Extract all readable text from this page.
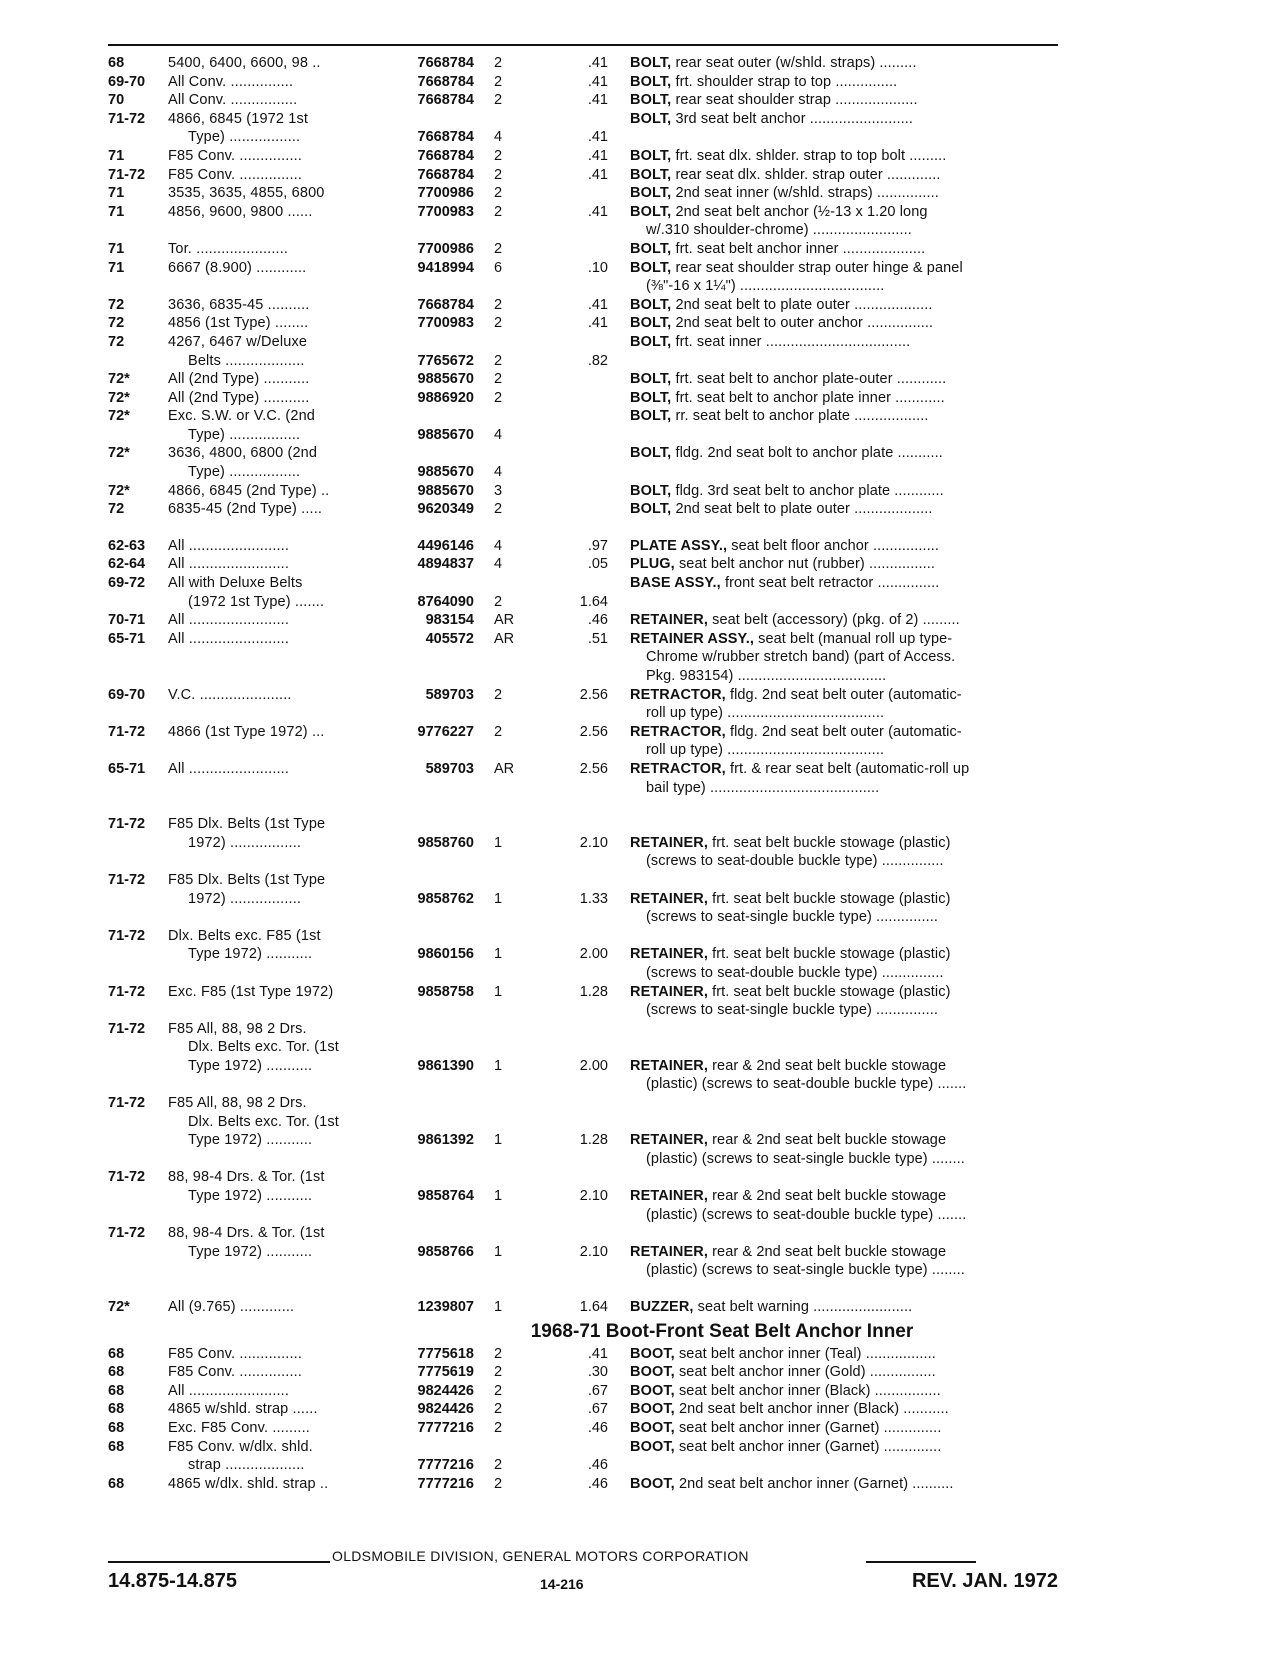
68	5400, 6400, 6600, 98 ..	7668784 2	.41 BOLT, rear seat outer (w/shld. straps) .........
69-70	All Conv. ...............	7668784 2	.41 BOLT, frt. shoulder strap to top ...............
70	All Conv. ................	7668784 2	.41 BOLT, rear seat shoulder strap ....................
71-72	4866, 6845 (1972 1st	BOLT, 3rd seat belt anchor .........................
Type) .................	7668784 4	.41
71	F85 Conv. ...............	7668784 2	.41 BOLT, frt. seat dlx. shlder. strap to top bolt .........
71-72	F85 Conv. ...............	7668784 2	.41 BOLT, rear seat dlx. shlder. strap outer .............
71	3535, 3635, 4855, 6800	7700986 2	BOLT, 2nd seat inner (w/shld. straps) ...............
71	4856, 9600, 9800 ......	7700983 2	.41 BOLT, 2nd seat belt anchor (½-13 x 1.20 long
w/.310 shoulder-chrome) ........................
71	Tor. ......................	7700986 2	BOLT, frt. seat belt anchor inner ....................
71	6667 (8.900) ............	9418994 6	.10 BOLT, rear seat shoulder strap outer hinge & panel
(⅜"-16 x 1¼") ...................................
72	3636, 6835-45 ..........	7668784 2	.41 BOLT, 2nd seat belt to plate outer ...................
72	4856 (1st Type) ........	7700983 2	.41 BOLT, 2nd seat belt to outer anchor ................
72	4267, 6467 w/Deluxe	BOLT, frt. seat inner ...................................
Belts ...................	7765672 2	.82
72*	All (2nd Type) ...........	9885670 2	BOLT, frt. seat belt to anchor plate-outer ............
72*	All (2nd Type) ...........	9886920 2	BOLT, frt. seat belt to anchor plate inner ............
72*	Exc. S.W. or V.C. (2nd	BOLT, rr. seat belt to anchor plate ..................
Type) .................	9885670 4
72*	3636, 4800, 6800 (2nd	BOLT, fldg. 2nd seat bolt to anchor plate ...........
Type) .................	9885670 4
72*	4866, 6845 (2nd Type) ..	9885670 3	BOLT, fldg. 3rd seat belt to anchor plate ............
72	6835-45 (2nd Type) .....	9620349 2	BOLT, 2nd seat belt to plate outer ...................
62-63	All ........................	4496146 4	.97 PLATE ASSY., seat belt floor anchor ................
62-64	All ........................	4894837 4	.05 PLUG, seat belt anchor nut (rubber) ................
69-72	All with Deluxe Belts	BASE ASSY., front seat belt retractor ...............
(1972 1st Type) .......	8764090 2	1.64
70-71	All ........................	983154 AR	.46 RETAINER, seat belt (accessory) (pkg. of 2) .........
65-71	All ........................	405572 AR	.51 RETAINER ASSY., seat belt (manual roll up type-
Chrome w/rubber stretch band) (part of Access.
Pkg. 983154) ....................................
69-70	V.C. ......................	589703 2	2.56 RETRACTOR, fldg. 2nd seat belt outer (automatic-
roll up type) ......................................
71-72	4866 (1st Type 1972) ...	9776227 2	2.56 RETRACTOR, fldg. 2nd seat belt outer (automatic-
roll up type) ......................................
65-71	All ........................	589703 AR	2.56 RETRACTOR, frt. & rear seat belt (automatic-roll up
bail type) .........................................
71-72	F85 Dlx. Belts (1st Type
1972) .................	9858760 1	2.10 RETAINER, frt. seat belt buckle stowage (plastic)
(screws to seat-double buckle type) ...............
71-72	F85 Dlx. Belts (1st Type
1972) .................	9858762 1	1.33 RETAINER, frt. seat belt buckle stowage (plastic)
(screws to seat-single buckle type) ...............
71-72	Dlx. Belts exc. F85 (1st
Type 1972) ...........	9860156 1	2.00 RETAINER, frt. seat belt buckle stowage (plastic)
(screws to seat-double buckle type) ...............
71-72	Exc. F85 (1st Type 1972)	9858758 1	1.28 RETAINER, frt. seat belt buckle stowage (plastic)
(screws to seat-single buckle type) ...............
71-72	F85 All, 88, 98 2 Drs.
Dlx. Belts exc. Tor. (1st
Type 1972) ...........	9861390 1	2.00 RETAINER, rear & 2nd seat belt buckle stowage
(plastic) (screws to seat-double buckle type) .......
71-72	F85 All, 88, 98 2 Drs.
Dlx. Belts exc. Tor. (1st
Type 1972) ...........	9861392 1	1.28 RETAINER, rear & 2nd seat belt buckle stowage
(plastic) (screws to seat-single buckle type) ........
71-72	88, 98-4 Drs. & Tor. (1st
Type 1972) ...........	9858764 1	2.10 RETAINER, rear & 2nd seat belt buckle stowage
(plastic) (screws to seat-double buckle type) .......
71-72	88, 98-4 Drs. & Tor. (1st
Type 1972) ...........	9858766 1	2.10 RETAINER, rear & 2nd seat belt buckle stowage
(plastic) (screws to seat-single buckle type) ........
72*	All (9.765) .............	1239807 1	1.64 BUZZER, seat belt warning ........................
1968-71 Boot-Front Seat Belt Anchor Inner
68	F85 Conv. ...............	7775618 2	.41 BOOT, seat belt anchor inner (Teal) .................
68	F85 Conv. ...............	7775619 2	.30 BOOT, seat belt anchor inner (Gold) ................
68	All ........................	9824426 2	.67 BOOT, seat belt anchor inner (Black) ................
68	4865 w/shld. strap ......	9824426 2	.67 BOOT, 2nd seat belt anchor inner (Black) ...........
68	Exc. F85 Conv. .........	7777216 2	.46 BOOT, seat belt anchor inner (Garnet) ..............
68	F85 Conv. w/dlx. shld.	BOOT, seat belt anchor inner (Garnet) ..............
strap ...................	7777216 2	.46
68	4865 w/dlx. shld. strap ..	7777216 2	.46 BOOT, 2nd seat belt anchor inner (Garnet) ..........
OLDSMOBILE DIVISION, GENERAL MOTORS CORPORATION
14.875-14.875	14-216	REV. JAN. 1972
